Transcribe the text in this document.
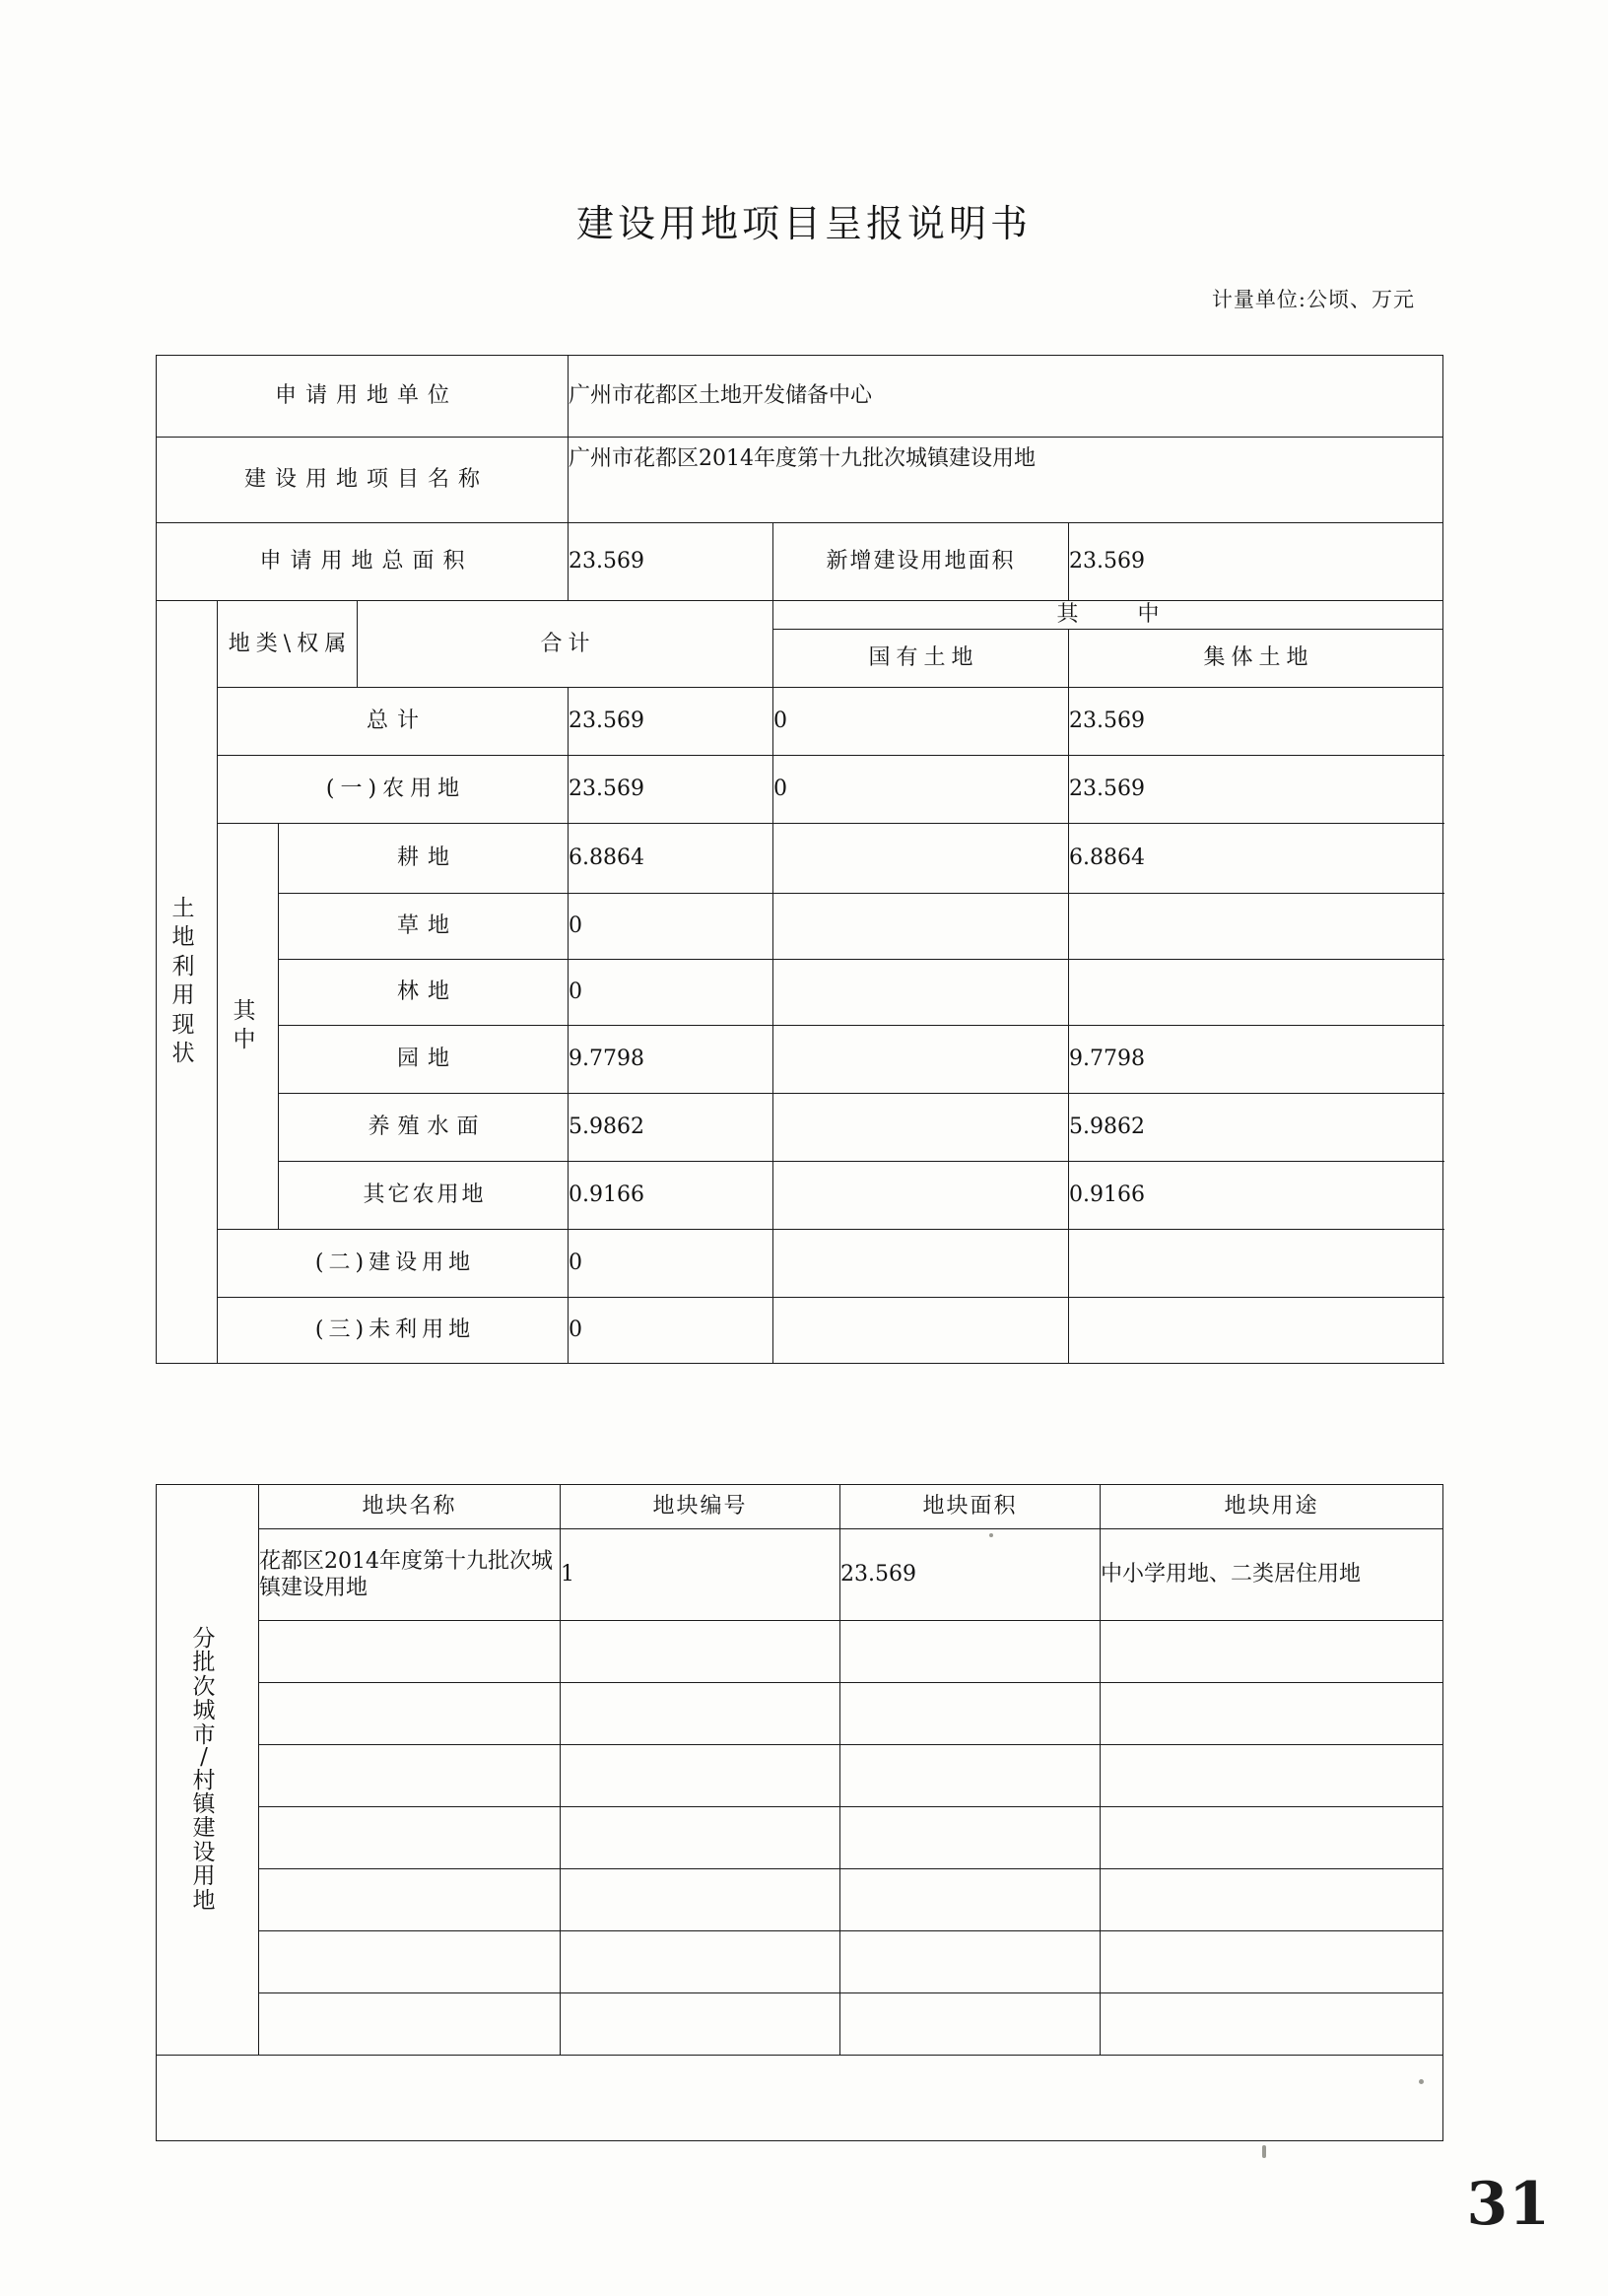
建设用地项目呈报说明书
计量单位:公顷、万元
申请用地单位				广州市花都区土地开发储备中心		
建设用地项目名称				广州市花都区2014年度第十九批次城镇建设用地		
申请用地总面积				23.569	新增建设用地面积	23.569

土
地
利
用
现
状
	地类\权属	合计	其中
					国有土地	集体土地
	总计			23.569	0	23.569
	(一)农用地			23.569	0	23.569

	其
中	耕地		6.8864		6.8864
		草地		0		
		林地		0		
		园地		9.7798		9.7798
		养殖水面		5.9862		5.9862
		其它农用地		0.9166		0.9166
	(二)建设用地			0		
	(三)未利用地			0		
分
批
次
城
市
/
村
镇
建
设
用
地
	地块名称	地块编号	地块面积	地块用途
	花都区2014年度第十九批次城镇建设用地	1	23.569	中小学用地、二类居住用地

31
